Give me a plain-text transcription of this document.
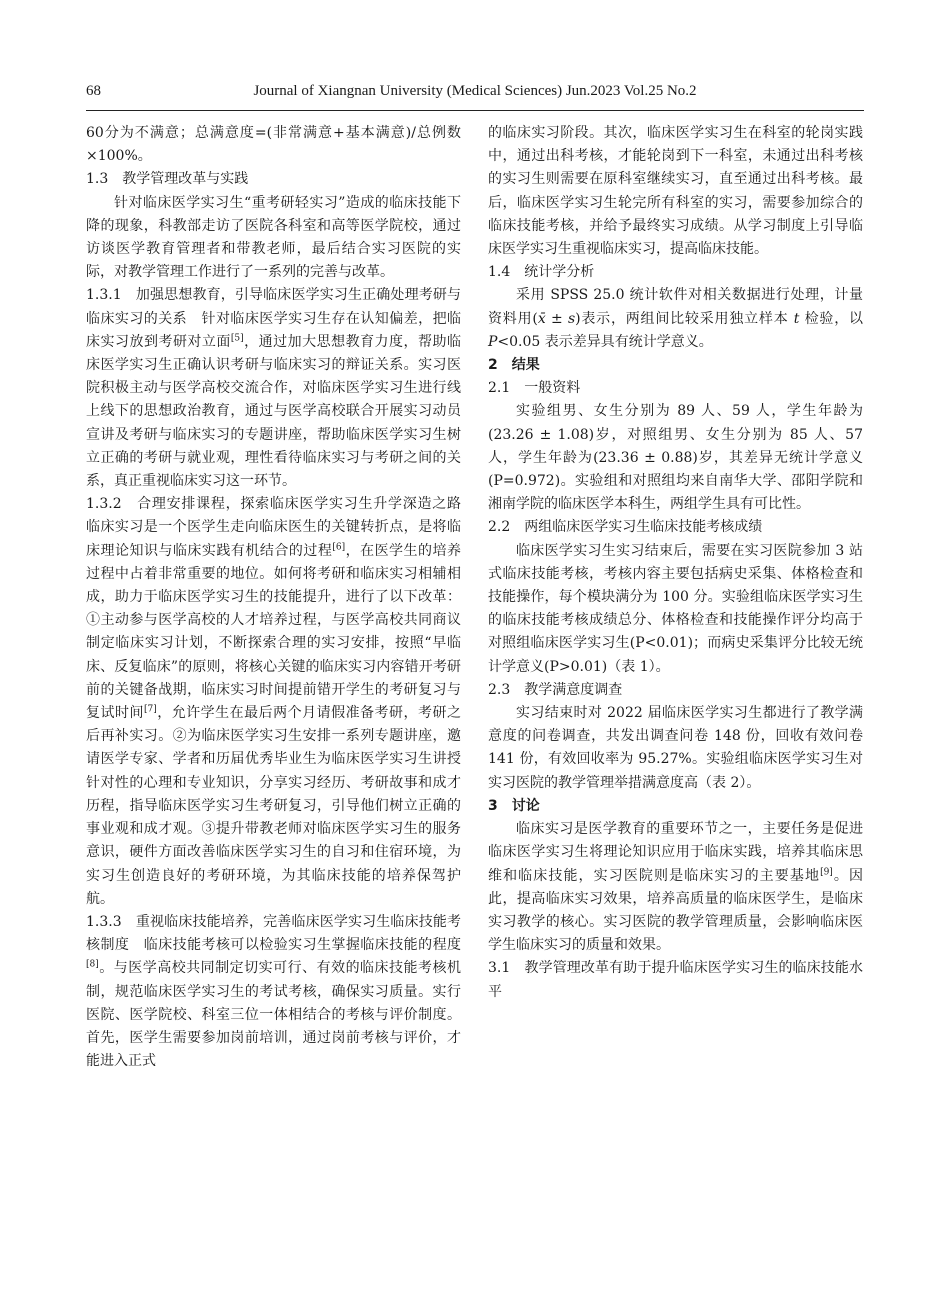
68	Journal of Xiangnan University (Medical Sciences) Jun.2023 Vol.25 No.2

60分为不满意；总满意度=(非常满意+基本满意)/总例数 ×100%。

1.3　教学管理改革与实践

针对临床医学实习生“重考研轻实习”造成的临床技能下降的现象，科教部走访了医院各科室和高等医学院校，通过访谈医学教育管理者和带教老师，最后结合实习医院的实际，对教学管理工作进行了一系列的完善与改革。

1.3.1　加强思想教育，引导临床医学实习生正确处理考研与临床实习的关系　针对临床医学实习生存在认知偏差，把临床实习放到考研对立面[5]，通过加大思想教育力度，帮助临床医学实习生正确认识考研与临床实习的辩证关系。实习医院积极主动与医学高校交流合作，对临床医学实习生进行线上线下的思想政治教育，通过与医学高校联合开展实习动员宣讲及考研与临床实习的专题讲座，帮助临床医学实习生树立正确的考研与就业观，理性看待临床实习与考研之间的关系，真正重视临床实习这一环节。

1.3.2　合理安排课程，探索临床医学实习生升学深造之路　临床实习是一个医学生走向临床医生的关键转折点，是将临床理论知识与临床实践有机结合的过程[6]，在医学生的培养过程中占着非常重要的地位。如何将考研和临床实习相辅相成，助力于临床医学实习生的技能提升，进行了以下改革：①主动参与医学高校的人才培养过程，与医学高校共同商议制定临床实习计划，不断探索合理的实习安排，按照“早临床、反复临床”的原则，将核心关键的临床实习内容错开考研前的关键备战期，临床实习时间提前错开学生的考研复习与复试时间[7]，允许学生在最后两个月请假准备考研，考研之后再补实习。②为临床医学实习生安排一系列专题讲座，邀请医学专家、学者和历届优秀毕业生为临床医学实习生讲授针对性的心理和专业知识，分享实习经历、考研故事和成才历程，指导临床医学实习生考研复习，引导他们树立正确的事业观和成才观。③提升带教老师对临床医学实习生的服务意识，硬件方面改善临床医学实习生的自习和住宿环境，为实习生创造良好的考研环境，为其临床技能的培养保驾护航。

1.3.3　重视临床技能培养，完善临床医学实习生临床技能考核制度　临床技能考核可以检验实习生掌握临床技能的程度[8]。与医学高校共同制定切实可行、有效的临床技能考核机制，规范临床医学实习生的考试考核，确保实习质量。实行医院、医学院校、科室三位一体相结合的考核与评价制度。首先，医学生需要参加岗前培训，通过岗前考核与评价，才能进入正式

的临床实习阶段。其次，临床医学实习生在科室的轮岗实践中，通过出科考核，才能轮岗到下一科室，未通过出科考核的实习生则需要在原科室继续实习，直至通过出科考核。最后，临床医学实习生轮完所有科室的实习，需要参加综合的临床技能考核，并给予最终实习成绩。从学习制度上引导临床医学实习生重视临床实习，提高临床技能。

1.4　统计学分析

采用 SPSS 25.0 统计软件对相关数据进行处理，计量资料用(x̄ ± s)表示，两组间比较采用独立样本 t 检验，以 P<0.05 表示差异具有统计学意义。

2　结果

2.1　一般资料

实验组男、女生分别为 89 人、59 人，学生年龄为(23.26 ± 1.08)岁，对照组男、女生分别为 85 人、57 人，学生年龄为(23.36 ± 0.88)岁，其差异无统计学意义(P=0.972)。实验组和对照组均来自南华大学、邵阳学院和湘南学院的临床医学本科生，两组学生具有可比性。

2.2　两组临床医学实习生临床技能考核成绩

临床医学实习生实习结束后，需要在实习医院参加 3 站式临床技能考核，考核内容主要包括病史采集、体格检查和技能操作，每个模块满分为 100 分。实验组临床医学实习生的临床技能考核成绩总分、体格检查和技能操作评分均高于对照组临床医学实习生(P<0.01)；而病史采集评分比较无统计学意义(P>0.01)（表 1）。

2.3　教学满意度调查

实习结束时对 2022 届临床医学实习生都进行了教学满意度的问卷调查，共发出调查问卷 148 份，回收有效问卷 141 份，有效回收率为 95.27%。实验组临床医学实习生对实习医院的教学管理举措满意度高（表 2）。

3　讨论

临床实习是医学教育的重要环节之一，主要任务是促进临床医学实习生将理论知识应用于临床实践，培养其临床思维和临床技能，实习医院则是临床实习的主要基地[9]。因此，提高临床实习效果，培养高质量的临床医学生，是临床实习教学的核心。实习医院的教学管理质量，会影响临床医学生临床实习的质量和效果。

3.1　教学管理改革有助于提升临床医学实习生的临床技能水平
